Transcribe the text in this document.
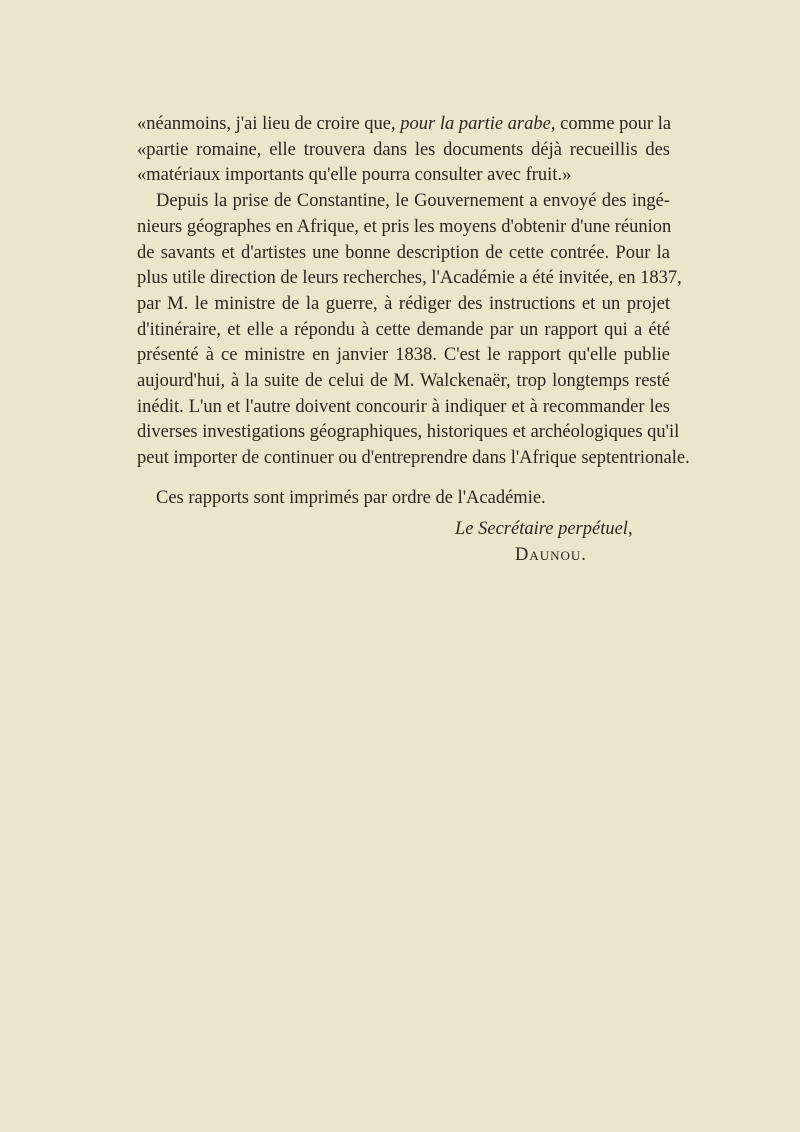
«néanmoins, j'ai lieu de croire que, pour la partie arabe, comme pour la
«partie romaine, elle trouvera dans les documents déjà recueillis des
«matériaux importants qu'elle pourra consulter avec fruit.»
Depuis la prise de Constantine, le Gouvernement a envoyé des ingé-
nieurs géographes en Afrique, et pris les moyens d'obtenir d'une réunion
de savants et d'artistes une bonne description de cette contrée. Pour la
plus utile direction de leurs recherches, l'Académie a été invitée, en 1837,
par M. le ministre de la guerre, à rédiger des instructions et un projet
d'itinéraire, et elle a répondu à cette demande par un rapport qui a été
présenté à ce ministre en janvier 1838. C'est le rapport qu'elle publie
aujourd'hui, à la suite de celui de M. Walckenaër, trop longtemps resté
inédit. L'un et l'autre doivent concourir à indiquer et à recommander les
diverses investigations géographiques, historiques et archéologiques qu'il
peut importer de continuer ou d'entreprendre dans l'Afrique septentrionale.
Ces rapports sont imprimés par ordre de l'Académie.
Le Secrétaire perpétuel,
Daunou.
